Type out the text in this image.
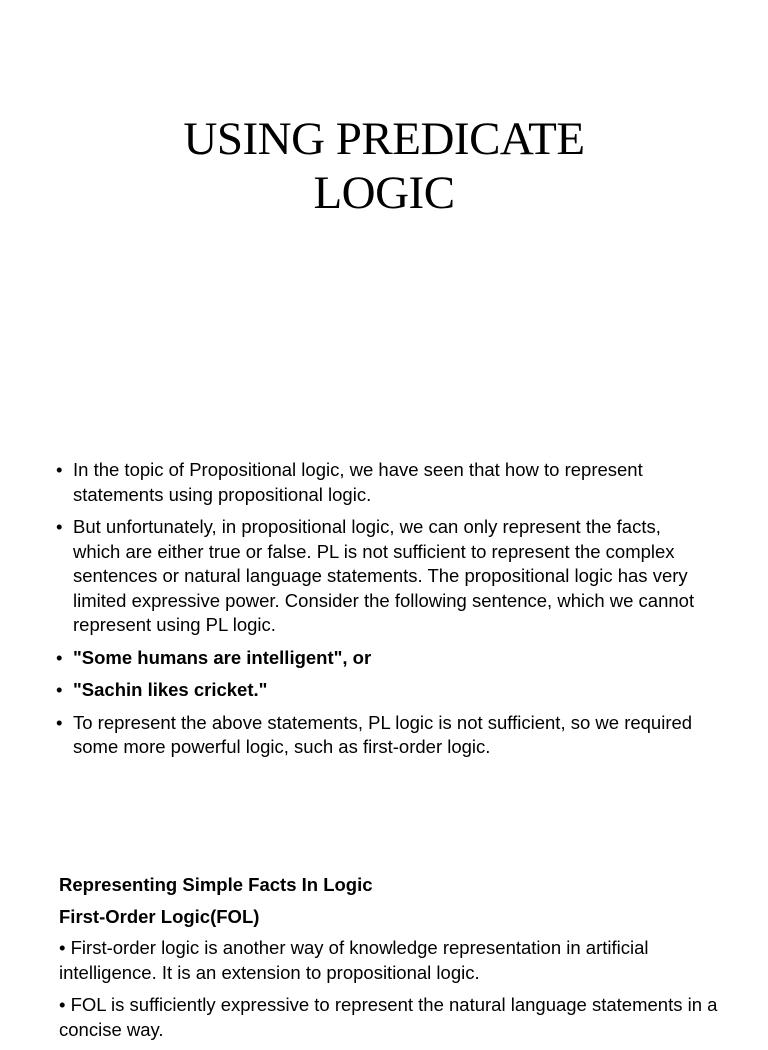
USING PREDICATE
LOGIC
• In the topic of Propositional logic, we have seen that how to represent statements using propositional logic.
• But unfortunately, in propositional logic, we can only represent the facts, which are either true or false. PL is not sufficient to represent the complex sentences or natural language statements. The propositional logic has very limited expressive power. Consider the following sentence, which we cannot represent using PL logic.
• "Some humans are intelligent", or
• "Sachin likes cricket."
• To represent the above statements, PL logic is not sufficient, so we required some more powerful logic, such as first-order logic.
Representing Simple Facts In Logic
First-Order Logic(FOL)

• First-order logic is another way of knowledge representation in artificial intelligence. It is an extension to propositional logic.

• FOL is sufficiently expressive to represent the natural language statements in a concise way.
